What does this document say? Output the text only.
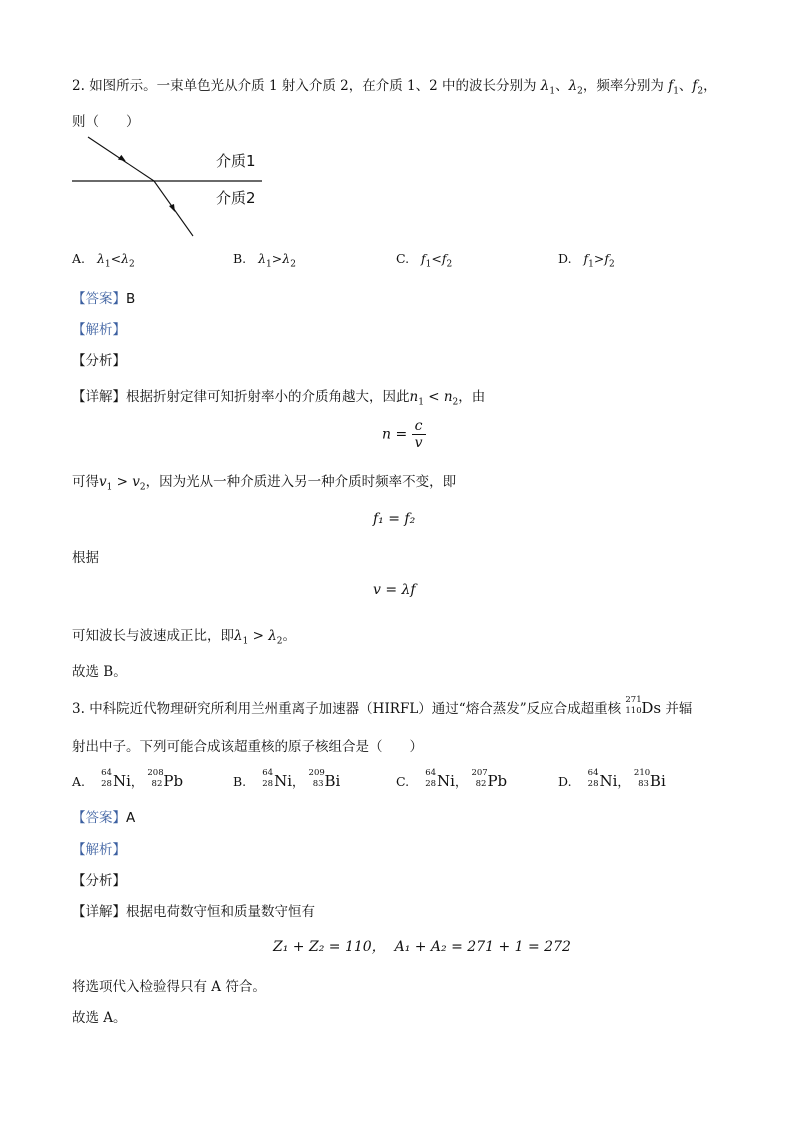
2. 如图所示。一束单色光从介质 1 射入介质 2，在介质 1、2 中的波长分别为 $\lambda_1$、$\lambda_2$，频率分别为 $f_1$、$f_2$，
则（　　）
介质1
介质2
A. $\lambda_1<\lambda_2$	B. $\lambda_1>\lambda_2$	C. $f_1<f_2$	D. $f_1>f_2$
【答案】B
【解析】
【分析】
【详解】根据折射定律可知折射率小的介质角越大，因此$n_1 < n_2$，由
$n = \frac{c}{v}$
可得$v_1 > v_2$，因为光从一种介质进入另一种介质时频率不变，即
f₁ = f₂
根据
v = λf
可知波长与波速成正比，即$\lambda_1 > \lambda_2$。
故选 B。
3. 中科院近代物理研究所利用兰州重离子加速器（HIRFL）通过“熔合蒸发”反应合成超重核
271
110 Ds 并辐
射出中子。下列可能合成该超重核的原子核组合是（　　）
A.
64
28 Ni，
208
82 Pb	B.
64
28 Ni，
209
83 Bi	C.
64
28 Ni，
207
82 Pb	D.
64
28 Ni，
210
83 Bi
【答案】A
【解析】
【分析】
【详解】根据电荷数守恒和质量数守恒有
Z₁ + Z₂ = 110， A₁ + A₂ = 271 + 1 = 272
将选项代入检验得只有 A 符合。
故选 A。
